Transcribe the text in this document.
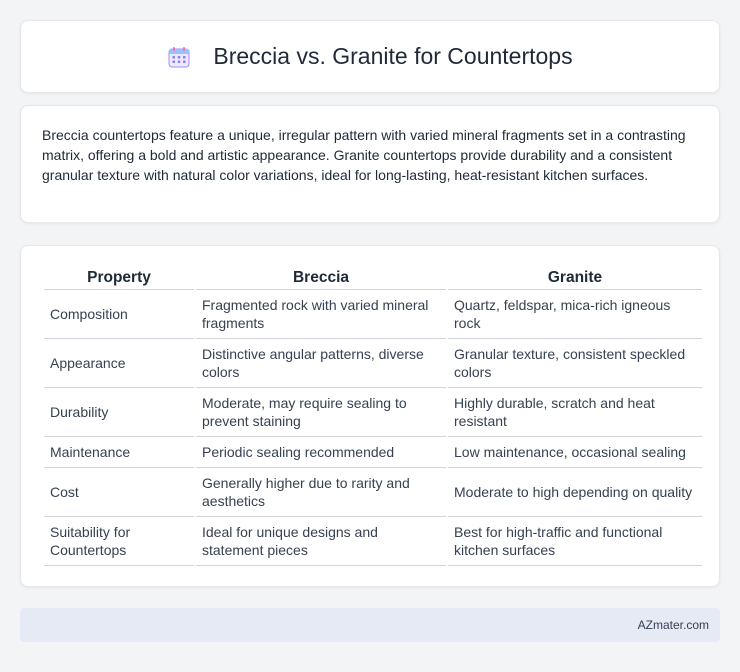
Breccia vs. Granite for Countertops

Breccia countertops feature a unique, irregular pattern with varied mineral fragments set in a contrasting matrix, offering a bold and artistic appearance. Granite countertops provide durability and a consistent granular texture with natural color variations, ideal for long-lasting, heat-resistant kitchen surfaces.

Property	Breccia	Granite
Composition	Fragmented rock with varied mineral fragments	Quartz, feldspar, mica-rich igneous rock
Appearance	Distinctive angular patterns, diverse colors	Granular texture, consistent speckled colors
Durability	Moderate, may require sealing to prevent staining	Highly durable, scratch and heat resistant
Maintenance	Periodic sealing recommended	Low maintenance, occasional sealing
Cost	Generally higher due to rarity and aesthetics	Moderate to high depending on quality
Suitability for Countertops	Ideal for unique designs and statement pieces	Best for high-traffic and functional kitchen surfaces
AZmater.com
